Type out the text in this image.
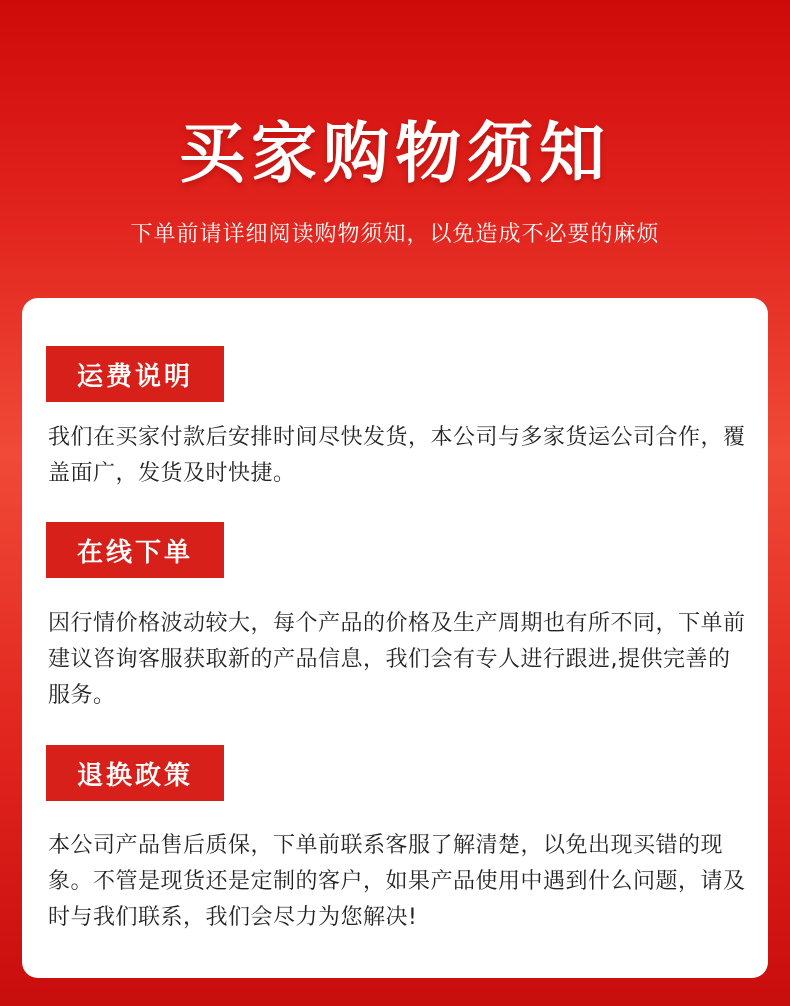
买家购物须知
下单前请详细阅读购物须知，以免造成不必要的麻烦
运费说明
我们在买家付款后安排时间尽快发货，本公司与多家货运公司合作，覆盖面广，发货及时快捷。
在线下单
因行情价格波动较大，每个产品的价格及生产周期也有所不同，下单前建议咨询客服获取新的产品信息，我们会有专人进行跟进,提供完善的服务。
退换政策
本公司产品售后质保，下单前联系客服了解清楚，以免出现买错的现象。不管是现货还是定制的客户，如果产品使用中遇到什么问题，请及时与我们联系，我们会尽力为您解决!
